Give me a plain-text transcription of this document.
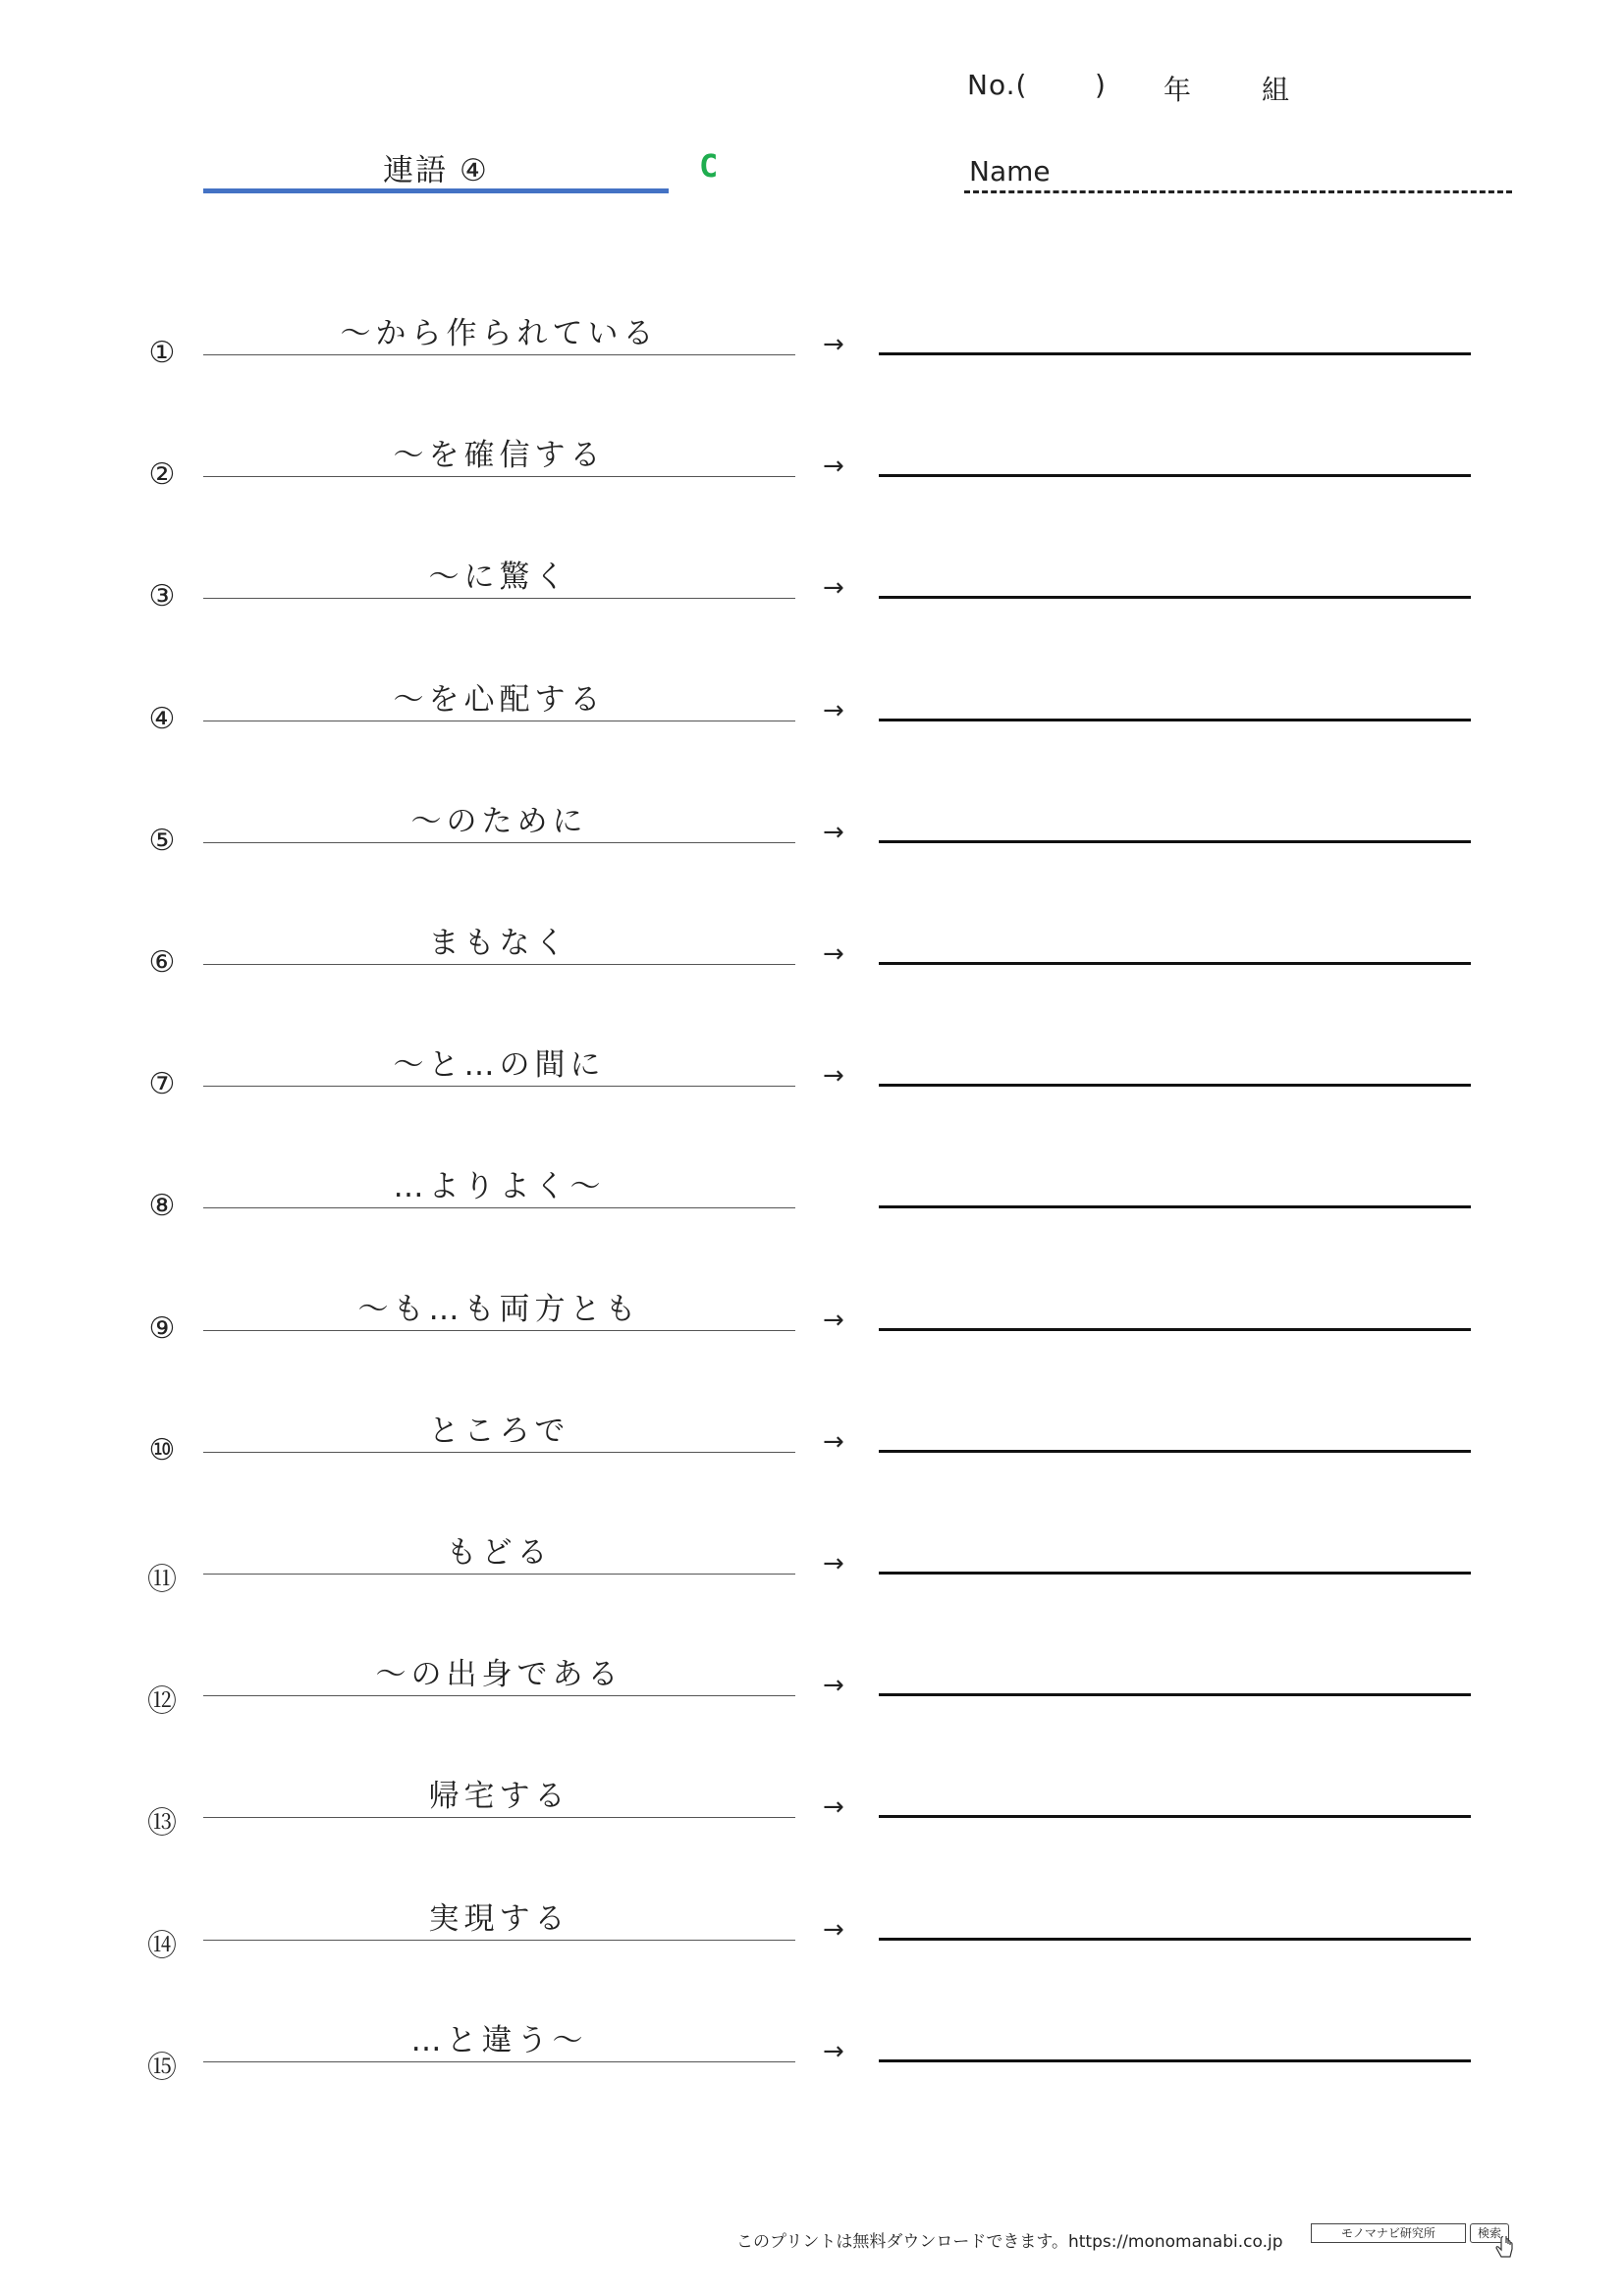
No.(	)	年	組
連語 ④	C	Name
①
～から作られている	→
②
～を確信する	→
③
～に驚く	→
④
～を心配する	→
⑤
～のために	→
⑥
まもなく	→
⑦
～と…の間に	→
⑧
…よりよく～
⑨
～も…も両方とも	→
⑩
ところで	→
⑪
もどる	→
⑫
～の出身である	→
⑬
帰宅する	→
⑭
実現する	→
⑮
…と違う～	→
このプリントは無料ダウンロードできます。https://monomanabi.co.jp	モノマナビ研究所	検索
